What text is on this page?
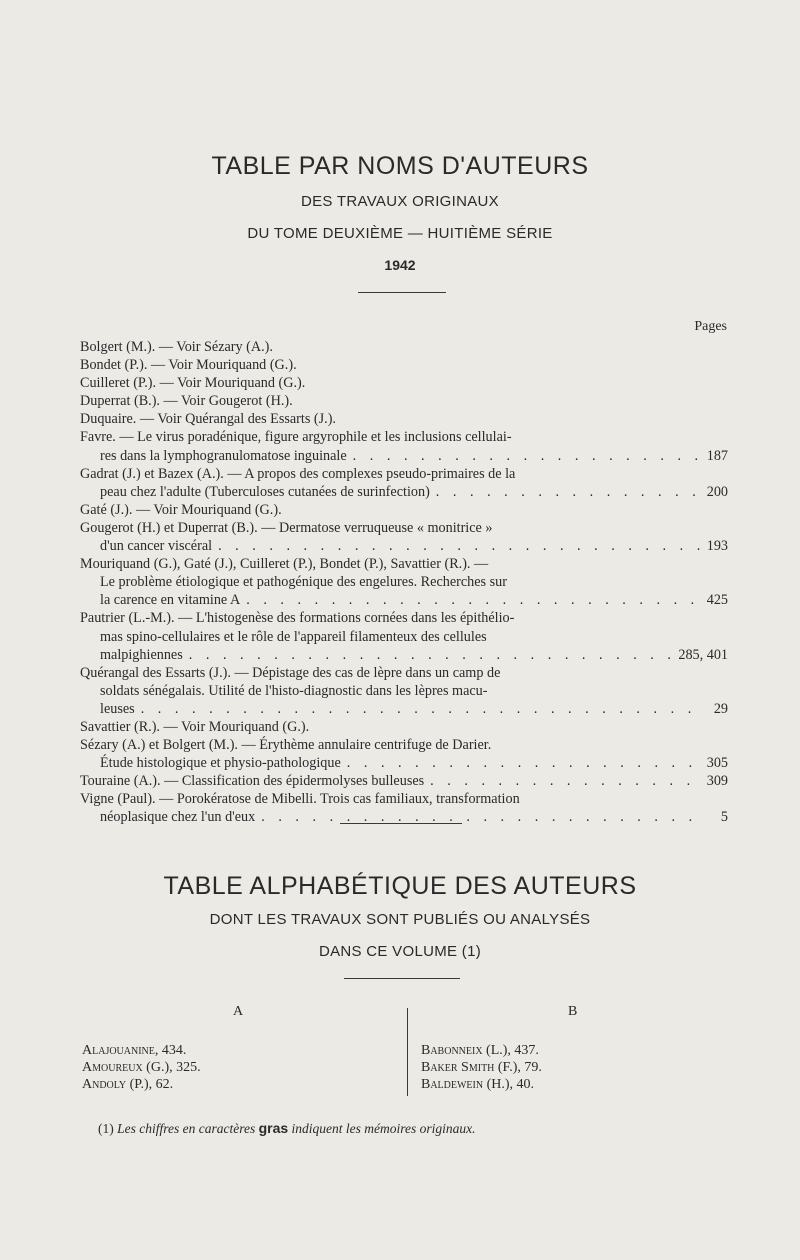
TABLE PAR NOMS D'AUTEURS
DES TRAVAUX ORIGINAUX
DU TOME DEUXIÈME — HUITIÈME SÉRIE
1942
Pages
Bolgert (M.). — Voir Sézary (A.).
Bondet (P.). — Voir Mouriquand (G.).
Cuilleret (P.). — Voir Mouriquand (G.).
Duperrat (B.). — Voir Gougerot (H.).
Duquaire. — Voir Quérangal des Essarts (J.).
Favre. — Le virus poradénique, figure argyrophile et les inclusions cellulai-
res dans la lymphogranulomatose inguinale . . .	187
Gadrat (J.) et Bazex (A.). — A propos des complexes pseudo-primaires de la
peau chez l'adulte (Tuberculoses cutanées de surinfection) . . .	200
Gaté (J.). — Voir Mouriquand (G.).
Gougerot (H.) et Duperrat (B.). — Dermatose verruqueuse « monitrice »
d'un cancer viscéral . . .	193
Mouriquand (G.), Gaté (J.), Cuilleret (P.), Bondet (P.), Savattier (R.). —
Le problème étiologique et pathogénique des engelures. Recherches sur
la carence en vitamine A . . .	425
Pautrier (L.-M.). — L'histogenèse des formations cornées dans les épithélio-
mas spino-cellulaires et le rôle de l'appareil filamenteux des cellules
malpighiennes . . .	285, 401
Quérangal des Essarts (J.). — Dépistage des cas de lèpre dans un camp de
soldats sénégalais. Utilité de l'histo-diagnostic dans les lèpres macu-
leuses . . .	29
Savattier (R.). — Voir Mouriquand (G.).
Sézary (A.) et Bolgert (M.). — Érythème annulaire centrifuge de Darier.
Étude histologique et physio-pathologique . . .	305
Touraine (A.). — Classification des épidermolyses bulleuses . . .	309
Vigne (Paul). — Porokératose de Mibelli. Trois cas familiaux, transformation
néoplasique chez l'un d'eux . . .	5
TABLE ALPHABÉTIQUE DES AUTEURS
DONT LES TRAVAUX SONT PUBLIÉS OU ANALYSÉS
DANS CE VOLUME (1)
A	B
Alajouanine, 434.
Amoureux (G.), 325.
Andoly (P.), 62.
Babonneix (L.), 437.
Baker Smith (F.), 79.
Baldewein (H.), 40.
(1) Les chiffres en caractères gras indiquent les mémoires originaux.
